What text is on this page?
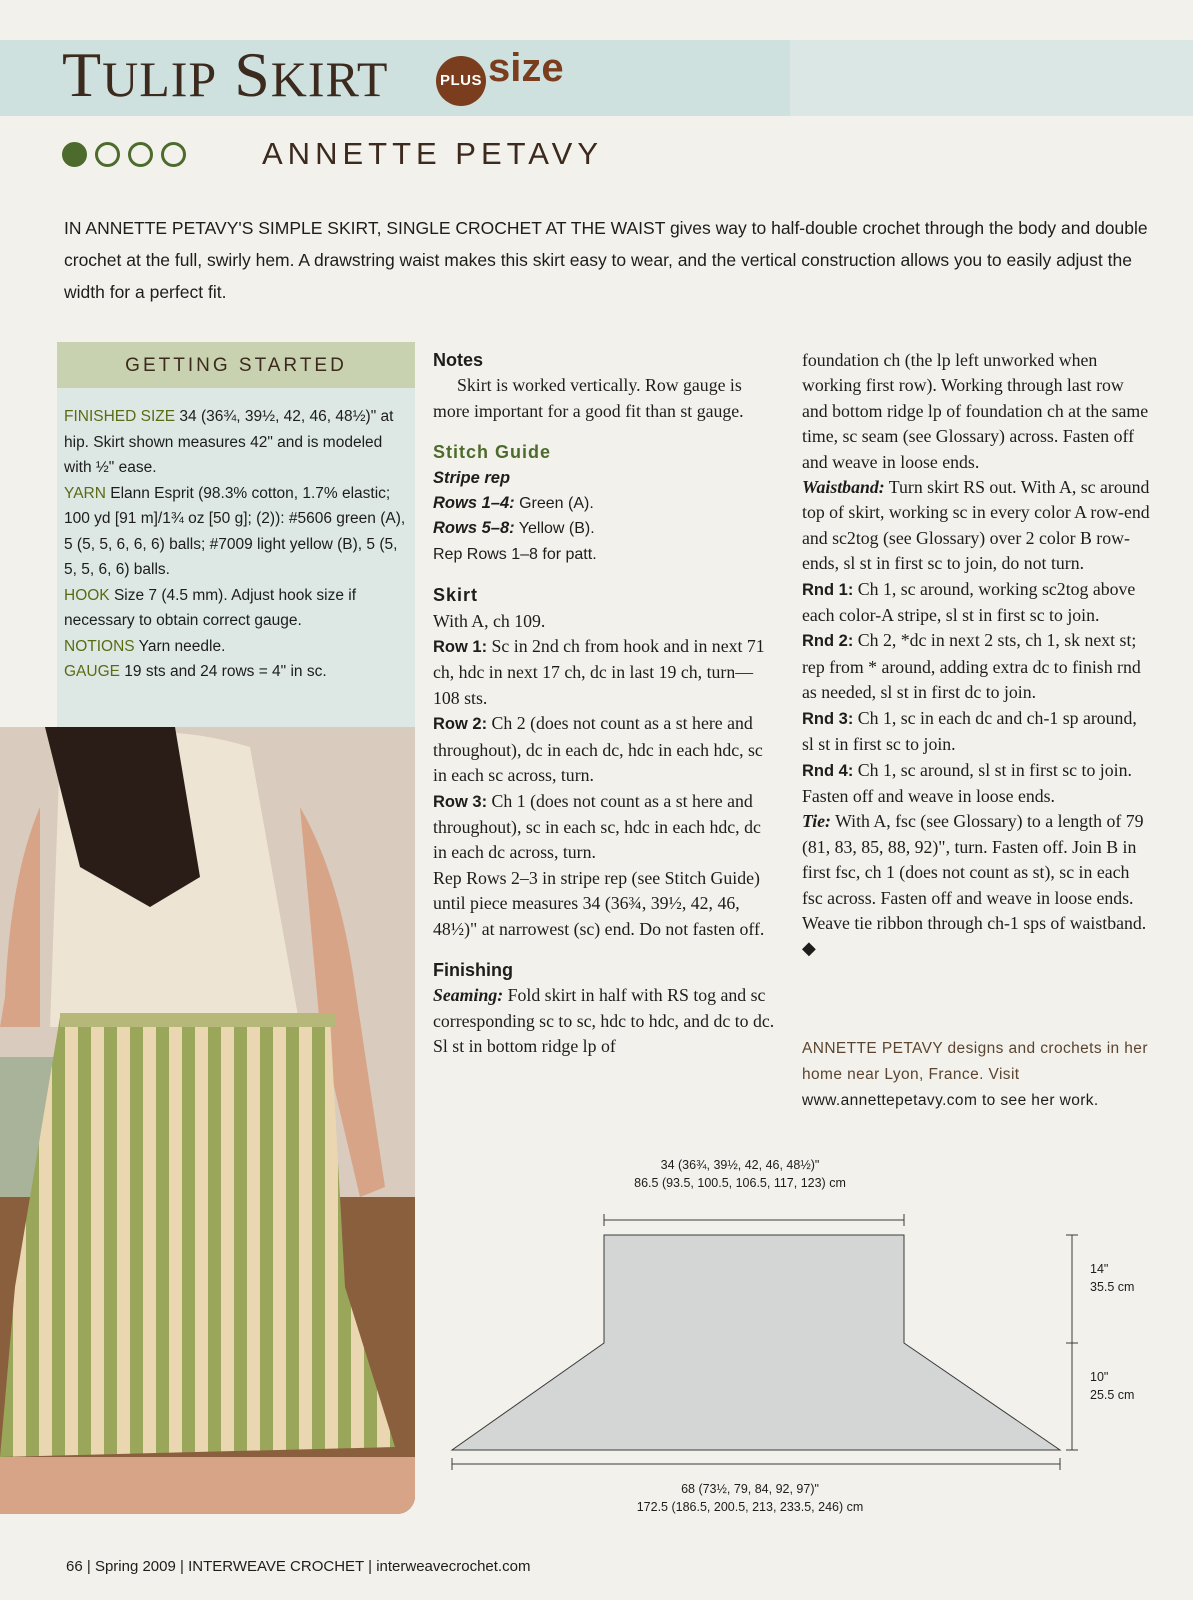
TULIP SKIRT	PLUS size
ANNETTE PETAVY
IN ANNETTE PETAVY'S SIMPLE SKIRT, SINGLE CROCHET AT THE WAIST gives way to half-double crochet through the body and double crochet at the full, swirly hem. A drawstring waist makes this skirt easy to wear, and the vertical construction allows you to easily adjust the width for a perfect fit.
GETTING STARTED

FINISHED SIZE 34 (36¾, 39½, 42, 46, 48½)" at hip. Skirt shown measures 42" and is modeled with ½" ease.

YARN Elann Esprit (98.3% cotton, 1.7% elastic; 100 yd [91 m]/1¾ oz [50 g]; (2)): #5606 green (A), 5 (5, 5, 6, 6, 6) balls; #7009 light yellow (B), 5 (5, 5, 5, 6, 6) balls.

HOOK Size 7 (4.5 mm). Adjust hook size if necessary to obtain correct gauge.

NOTIONS Yarn needle.

GAUGE 19 sts and 24 rows = 4" in sc.

Notes

Skirt is worked vertically. Row gauge is more important for a good fit than st gauge.

Stitch Guide

Stripe rep

Rows 1–4: Green (A).

Rows 5–8: Yellow (B).

Rep Rows 1–8 for patt.

Skirt

With A, ch 109.

Row 1: Sc in 2nd ch from hook and in next 71 ch, hdc in next 17 ch, dc in last 19 ch, turn—108 sts.

Row 2: Ch 2 (does not count as a st here and throughout), dc in each dc, hdc in each hdc, sc in each sc across, turn.

Row 3: Ch 1 (does not count as a st here and throughout), sc in each sc, hdc in each hdc, dc in each dc across, turn.

Rep Rows 2–3 in stripe rep (see Stitch Guide) until piece measures 34 (36¾, 39½, 42, 46, 48½)" at narrowest (sc) end. Do not fasten off.

Finishing

Seaming: Fold skirt in half with RS tog and sc corresponding sc to sc, hdc to hdc, and dc to dc. Sl st in bottom ridge lp of

foundation ch (the lp left unworked when working first row). Working through last row and bottom ridge lp of foundation ch at the same time, sc seam (see Glossary) across. Fasten off and weave in loose ends.

Waistband: Turn skirt RS out. With A, sc around top of skirt, working sc in every color A row-end and sc2tog (see Glossary) over 2 color B row-ends, sl st in first sc to join, do not turn.

Rnd 1: Ch 1, sc around, working sc2tog above each color-A stripe, sl st in first sc to join.

Rnd 2: Ch 2, *dc in next 2 sts, ch 1, sk next st; rep from * around, adding extra dc to finish rnd as needed, sl st in first dc to join.

Rnd 3: Ch 1, sc in each dc and ch-1 sp around, sl st in first sc to join.

Rnd 4: Ch 1, sc around, sl st in first sc to join. Fasten off and weave in loose ends.

Tie: With A, fsc (see Glossary) to a length of 79 (81, 83, 85, 88, 92)", turn. Fasten off. Join B in first fsc, ch 1 (does not count as st), sc in each fsc across. Fasten off and weave in loose ends. Weave tie ribbon through ch-1 sps of waistband. ◆

ANNETTE PETAVY designs and crochets in her home near Lyon, France. Visit www.annettepetavy.com to see her work.
34 (36¾, 39½, 42, 46, 48½)"
86.5 (93.5, 100.5, 106.5, 117, 123) cm
14"
35.5 cm
10"
25.5 cm
68 (73½, 79, 84, 92, 97)"
172.5 (186.5, 200.5, 213, 233.5, 246) cm
66 | Spring 2009 | INTERWEAVE CROCHET | interweavecrochet.com
